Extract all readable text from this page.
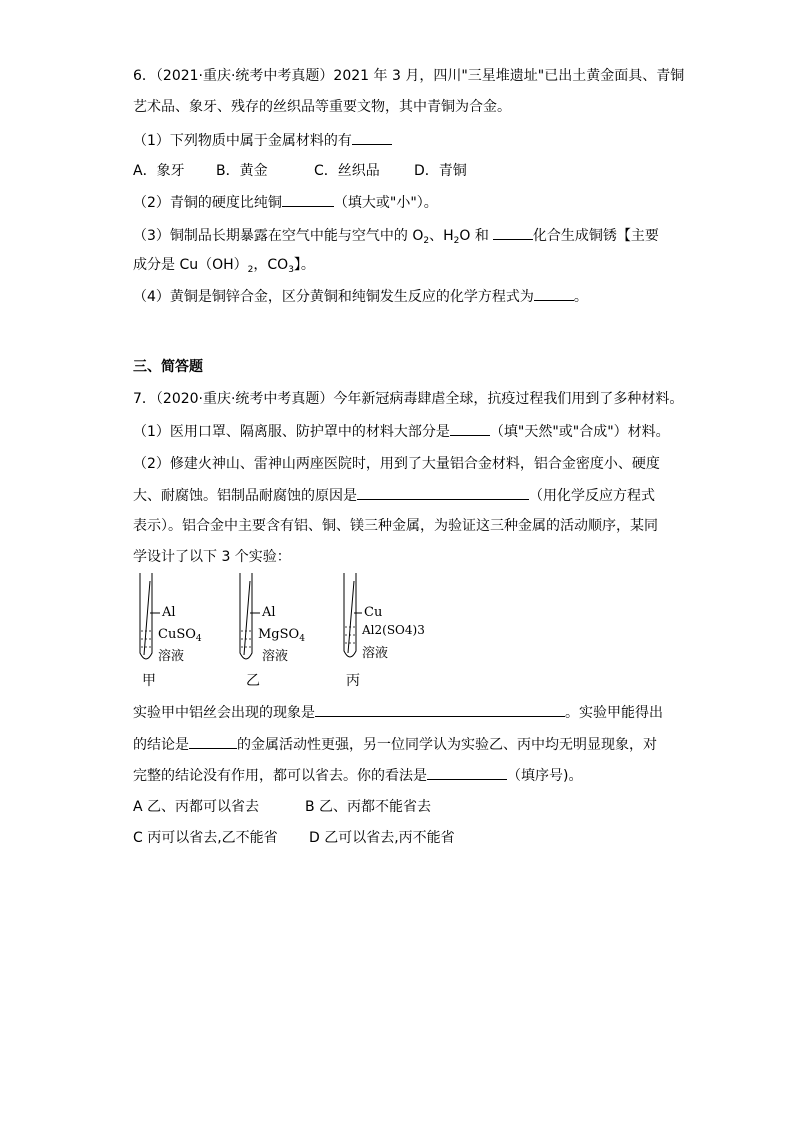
6．（2021·重庆·统考中考真题）2021 年 3 月，四川"三星堆遗址"已出土黄金面具、青铜
艺术品、象牙、残存的丝织品等重要文物，其中青铜为合金。
（1）下列物质中属于金属材料的有
A．象牙 B．黄金	C．丝织品 D．青铜
（2）青铜的硬度比纯铜	（填大或"小"）。
（3）铜制品长期暴露在空气中能与空气中的 $O_2$、$H_2O$ 和	化合生成铜锈【主要
成分是 $Cu(OH)_2$，$CO_3$】。
（4）黄铜是铜锌合金，区分黄铜和纯铜发生反应的化学方程式为	。
三、简答题
7．（2020·重庆·统考中考真题）今年新冠病毒肆虐全球，抗疫过程我们用到了多种材料。
（1）医用口罩、隔离服、防护罩中的材料大部分是	（填"天然"或"合成"）材料。
（2）修建火神山、雷神山两座医院时，用到了大量铝合金材料，铝合金密度小、硬度
大、耐腐蚀。铝制品耐腐蚀的原因是	（用化学反应方程式
表示）。铝合金中主要含有铝、铜、镁三种金属，为验证这三种金属的活动顺序，某同
学设计了以下 3 个实验：
Al
CuSO$_4$
溶液
甲
Al
MgSO$_4$
溶液
乙
Cu
Al2(SO4)3
溶液
丙
实验甲中铝丝会出现的现象是	。实验甲能得出
的结论是	的金属活动性更强，另一位同学认为实验乙、丙中均无明显现象，对
完整的结论没有作用，都可以省去。你的看法是	（填序号)。
A 乙、丙都可以省去	B 乙、丙都不能省去
C 丙可以省去,乙不能省 D 乙可以省去,丙不能省
